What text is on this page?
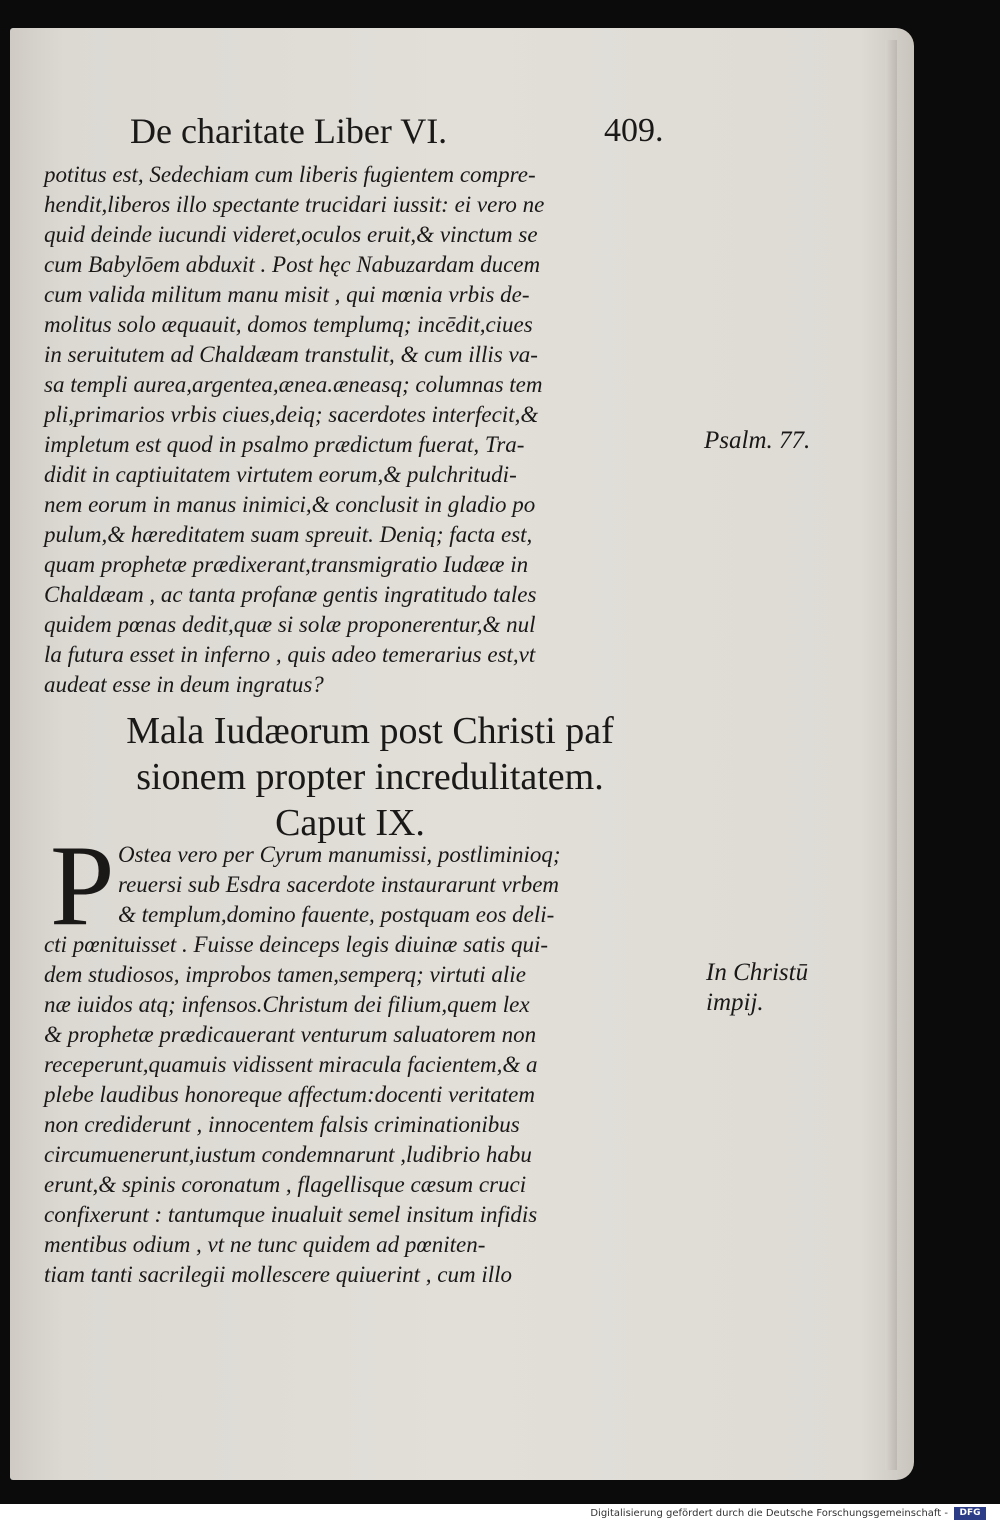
De charitate Liber VI.	409.
potitus est, Sedechiam cum liberis fugientem compre-
hendit,liberos illo spectante trucidari iussit: ei vero ne
quid deinde iucundi videret,oculos eruit,& vinctum se
cum Babylōem abduxit . Post hęc Nabuzardam ducem
cum valida militum manu misit , qui mœnia vrbis de-
molitus solo æquauit, domos templumq; incēdit,ciues
in seruitutem ad Chaldæam transtulit, & cum illis va-
sa templi aurea,argentea,ænea.æneasq; columnas tem
pli,primarios vrbis ciues,deiq; sacerdotes interfecit,&
impletum est quod in psalmo prædictum fuerat, Tra-
didit in captiuitatem virtutem eorum,& pulchritudi-
nem eorum in manus inimici,& conclusit in gladio po
pulum,& hæreditatem suam spreuit. Deniq; facta est,
quam prophetæ prædixerant,transmigratio Iudææ in
Chaldæam , ac tanta profanæ gentis ingratitudo tales
quidem pœnas dedit,quæ si solæ proponerentur,& nul
la futura esset in inferno , quis adeo temerarius est,vt
audeat esse in deum ingratus?
Psalm. 77.
Mala Iudæorum post Christi paf
sionem propter incredulitatem.
Caput IX.
P Ostea vero per Cyrum manumissi, postliminioq;
reuersi sub Esdra sacerdote instaurarunt vrbem
& templum,domino fauente, postquam eos deli-
cti pœnituisset . Fuisse deinceps legis diuinæ satis qui-
dem studiosos, improbos tamen,semperq; virtuti alie
næ iuidos atq; infensos.Christum dei filium,quem lex
& prophetæ prædicauerant venturum saluatorem non
receperunt,quamuis vidissent miracula facientem,& a
plebe laudibus honoreque affectum:docenti veritatem
non crediderunt , innocentem falsis criminationibus
circumuenerunt,iustum condemnarunt ,ludibrio habu
erunt,& spinis coronatum , flagellisque cæsum cruci
confixerunt : tantumque inualuit semel insitum infidis
mentibus odium , vt ne tunc quidem ad pœniten-
tiam tanti sacrilegii mollescere quiuerint , cum illo
In Christū
impij.
Digitalisierung gefördert durch die Deutsche Forschungsgemeinschaft -	DFG
